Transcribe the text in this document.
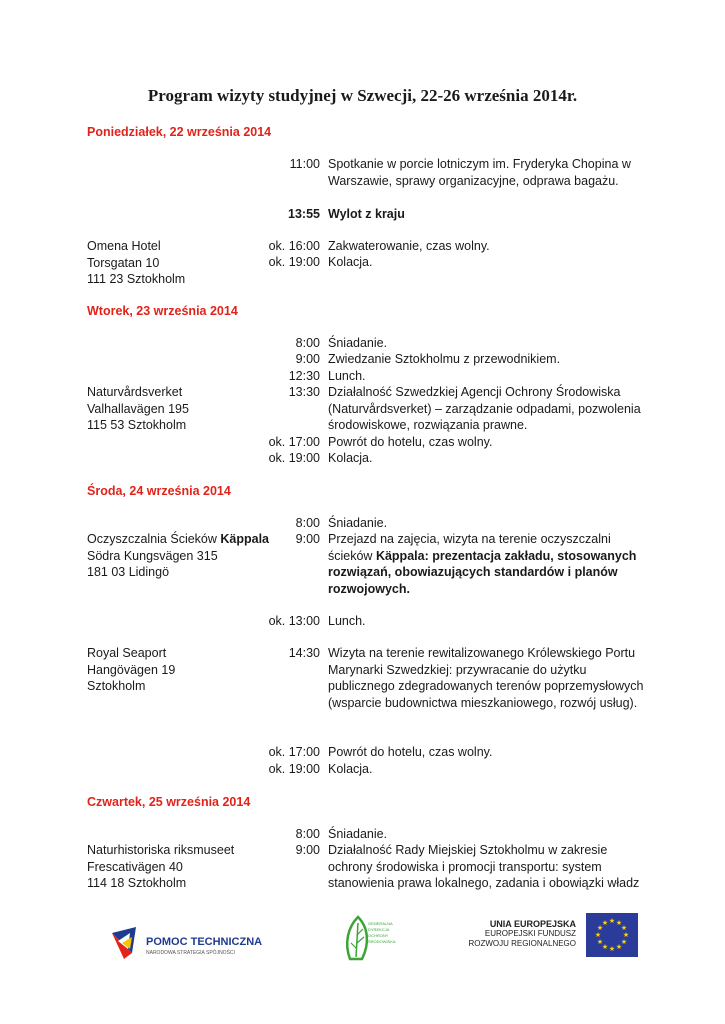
Program wizyty studyjnej w Szwecji, 22-26 września 2014r.
Poniedziałek, 22 września 2014
11:00 Spotkanie w porcie lotniczym im. Fryderyka Chopina w Warszawie, sprawy organizacyjne, odprawa bagażu.
13:55 Wylot z kraju
Omena Hotel
Torsgatan 10
111 23 Sztokholm
ok. 16:00 Zakwaterowanie, czas wolny.
ok. 19:00 Kolacja.
Wtorek, 23 września 2014
8:00 Śniadanie.
9:00 Zwiedzanie Sztokholmu z przewodnikiem.
12:30 Lunch.
Naturvårdsverket
Valhallavägen 195
115 53 Sztokholm
13:30 Działalność Szwedzkiej Agencji Ochrony Środowiska (Naturvårdsverket) – zarządzanie odpadami, pozwolenia środowiskowe, rozwiązania prawne.
ok. 17:00 Powrót do hotelu, czas wolny.
ok. 19:00 Kolacja.
Środa, 24 września 2014
8:00 Śniadanie.
Oczyszczalnia Ścieków Käppala
Södra Kungsvägen 315
181 03 Lidingö
9:00 Przejazd na zajęcia, wizyta na terenie oczyszczalni ścieków Käppala: prezentacja zakładu, stosowanych rozwiązań, obowiazujących standardów i planów rozwojowych.
ok. 13:00 Lunch.
Royal Seaport
Hangövägen 19
Sztokholm
14:30 Wizyta na terenie rewitalizowanego Królewskiego Portu Marynarki Szwedzkiej: przywracanie do użytku publicznego zdegradowanych terenów poprzemysłowych (wsparcie budownictwa mieszkaniowego, rozwój usług).
ok. 17:00 Powrót do hotelu, czas wolny.
ok. 19:00 Kolacja.
Czwartek, 25 września 2014
8:00 Śniadanie.
Naturhistoriska riksmuseet
Frescativägen 40
114 18 Sztokholm
9:00 Działalność Rady Miejskiej Sztokholmu w zakresie ochrony środowiska i promocji transportu: system stanowienia prawa lokalnego, zadania i obowiązki władz
POMOC TECHNICZNA
NARODOWA STRATEGIA SPÓJNOŚCI
GENERALNA
DYREKCJA
OCHRONY
ŚRODOWISKA
UNIA EUROPEJSKA
EUROPEJSKI FUNDUSZ
ROZWOJU REGIONALNEGO
★ ★
★
★
★
★
★
★
★
★
★
★
